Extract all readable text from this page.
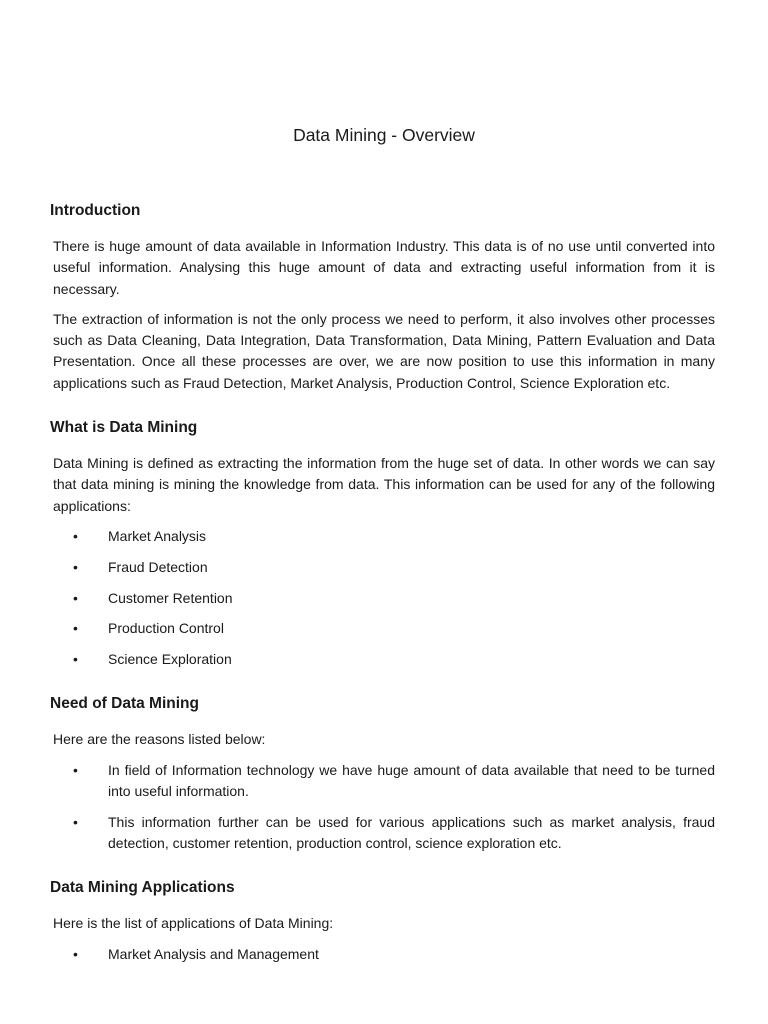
Data Mining - Overview
Introduction

There is huge amount of data available in Information Industry. This data is of no use until converted into useful information. Analysing this huge amount of data and extracting useful information from it is necessary.

The extraction of information is not the only process we need to perform, it also involves other processes such as Data Cleaning, Data Integration, Data Transformation, Data Mining, Pattern Evaluation and Data Presentation. Once all these processes are over, we are now position to use this information in many applications such as Fraud Detection, Market Analysis, Production Control, Science Exploration etc.

What is Data Mining

Data Mining is defined as extracting the information from the huge set of data. In other words we can say that data mining is mining the knowledge from data. This information can be used for any of the following applications:

• Market Analysis
• Fraud Detection
• Customer Retention
• Production Control
• Science Exploration
Need of Data Mining

Here are the reasons listed below:

• In field of Information technology we have huge amount of data available that need to be turned into useful information.
• This information further can be used for various applications such as market analysis, fraud detection, customer retention, production control, science exploration etc.
Data Mining Applications

Here is the list of applications of Data Mining:

• Market Analysis and Management
